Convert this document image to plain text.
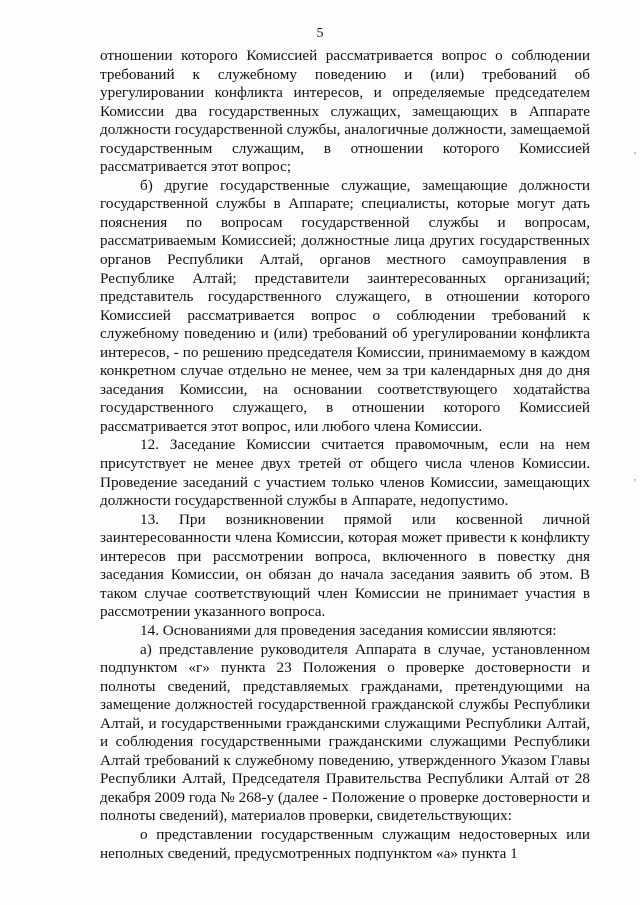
5

отношении которого Комиссией рассматривается вопрос о соблюдении требований к служебному поведению и (или) требований об урегулировании конфликта интересов, и определяемые председателем Комиссии два государственных служащих, замещающих в Аппарате должности государственной службы, аналогичные должности, замещаемой государственным служащим, в отношении которого Комиссией рассматривается этот вопрос;

б) другие государственные служащие, замещающие должности государственной службы в Аппарате; специалисты, которые могут дать пояснения по вопросам государственной службы и вопросам, рассматриваемым Комиссией; должностные лица других государственных органов Республики Алтай, органов местного самоуправления в Республике Алтай; представители заинтересованных организаций; представитель государственного служащего, в отношении которого Комиссией рассматривается вопрос о соблюдении требований к служебному поведению и (или) требований об урегулировании конфликта интересов, - по решению председателя Комиссии, принимаемому в каждом конкретном случае отдельно не менее, чем за три календарных дня до дня заседания Комиссии, на основании соответствующего ходатайства государственного служащего, в отношении которого Комиссией рассматривается этот вопрос, или любого члена Комиссии.

12. Заседание Комиссии считается правомочным, если на нем присутствует не менее двух третей от общего числа членов Комиссии. Проведение заседаний с участием только членов Комиссии, замещающих должности государственной службы в Аппарате, недопустимо.

13. При возникновении прямой или косвенной личной заинтересованности члена Комиссии, которая может привести к конфликту интересов при рассмотрении вопроса, включенного в повестку дня заседания Комиссии, он обязан до начала заседания заявить об этом. В таком случае соответствующий член Комиссии не принимает участия в рассмотрении указанного вопроса.

14. Основаниями для проведения заседания комиссии являются:

а) представление руководителя Аппарата в случае, установленном подпунктом «г» пункта 23 Положения о проверке достоверности и полноты сведений, представляемых гражданами, претендующими на замещение должностей государственной гражданской службы Республики Алтай, и государственными гражданскими служащими Республики Алтай, и соблюдения государственными гражданскими служащими Республики Алтай требований к служебному поведению, утвержденного Указом Главы Республики Алтай, Председателя Правительства Республики Алтай от 28 декабря 2009 года № 268-у (далее - Положение о проверке достоверности и полноты сведений), материалов проверки, свидетельствующих:

о представлении государственным служащим недостоверных или неполных сведений, предусмотренных подпунктом «а» пункта 1

'
'
